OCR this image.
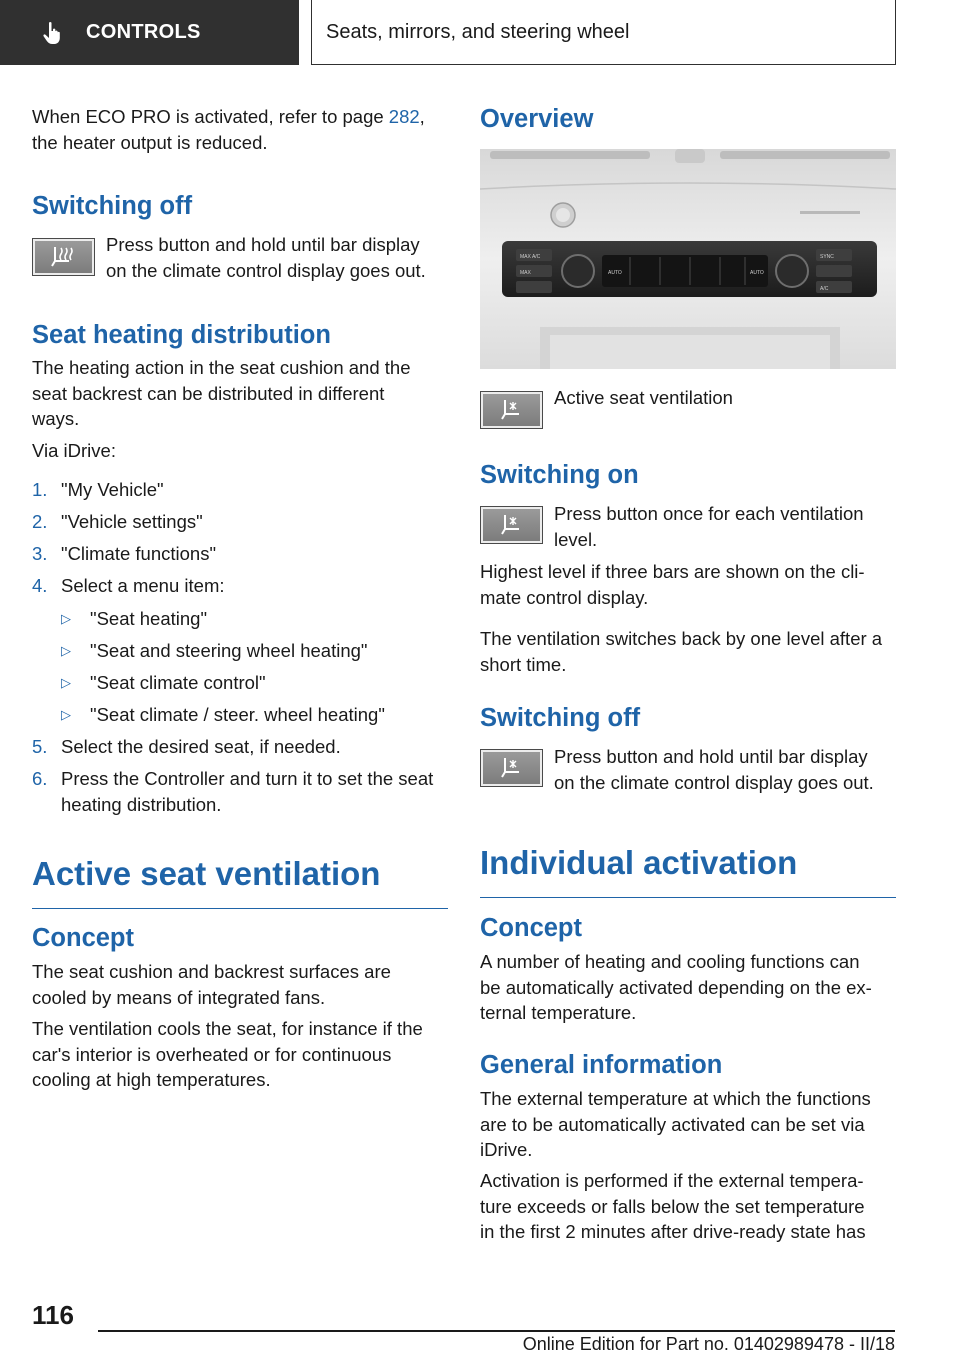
CONTROLS	Seats, mirrors, and steering wheel
When ECO PRO is activated, refer to page 282,
the heater output is reduced.
Switching off
Press button and hold until bar display
on the climate control display goes out.
Seat heating distribution
The heating action in the seat cushion and the
seat backrest can be distributed in different
ways.
Via iDrive:
1. "My Vehicle"
2. "Vehicle settings"
3. "Climate functions"
4. Select a menu item:
▷ "Seat heating"
▷ "Seat and steering wheel heating"
▷ "Seat climate control"
▷ "Seat climate / steer. wheel heating"
5. Select the desired seat, if needed.
6. Press the Controller and turn it to set the seat
heating distribution.
Active seat ventilation
Concept
The seat cushion and backrest surfaces are
cooled by means of integrated fans.
The ventilation cools the seat, for instance if the
car's interior is overheated or for continuous
cooling at high temperatures.
Overview
MAX A/C
MAX	AUTO	AUTO
SYNC
A/C
Active seat ventilation
Switching on
Press button once for each ventilation
level.
Highest level if three bars are shown on the cli‐
mate control display.
The ventilation switches back by one level after a
short time.
Switching off
Press button and hold until bar display
on the climate control display goes out.
Individual activation
Concept
A number of heating and cooling functions can
be automatically activated depending on the ex‐
ternal temperature.
General information
The external temperature at which the functions
are to be automatically activated can be set via
iDrive.
Activation is performed if the external tempera‐
ture exceeds or falls below the set temperature
in the first 2 minutes after drive-ready state has
116
Online Edition for Part no. 01402989478 - II/18
